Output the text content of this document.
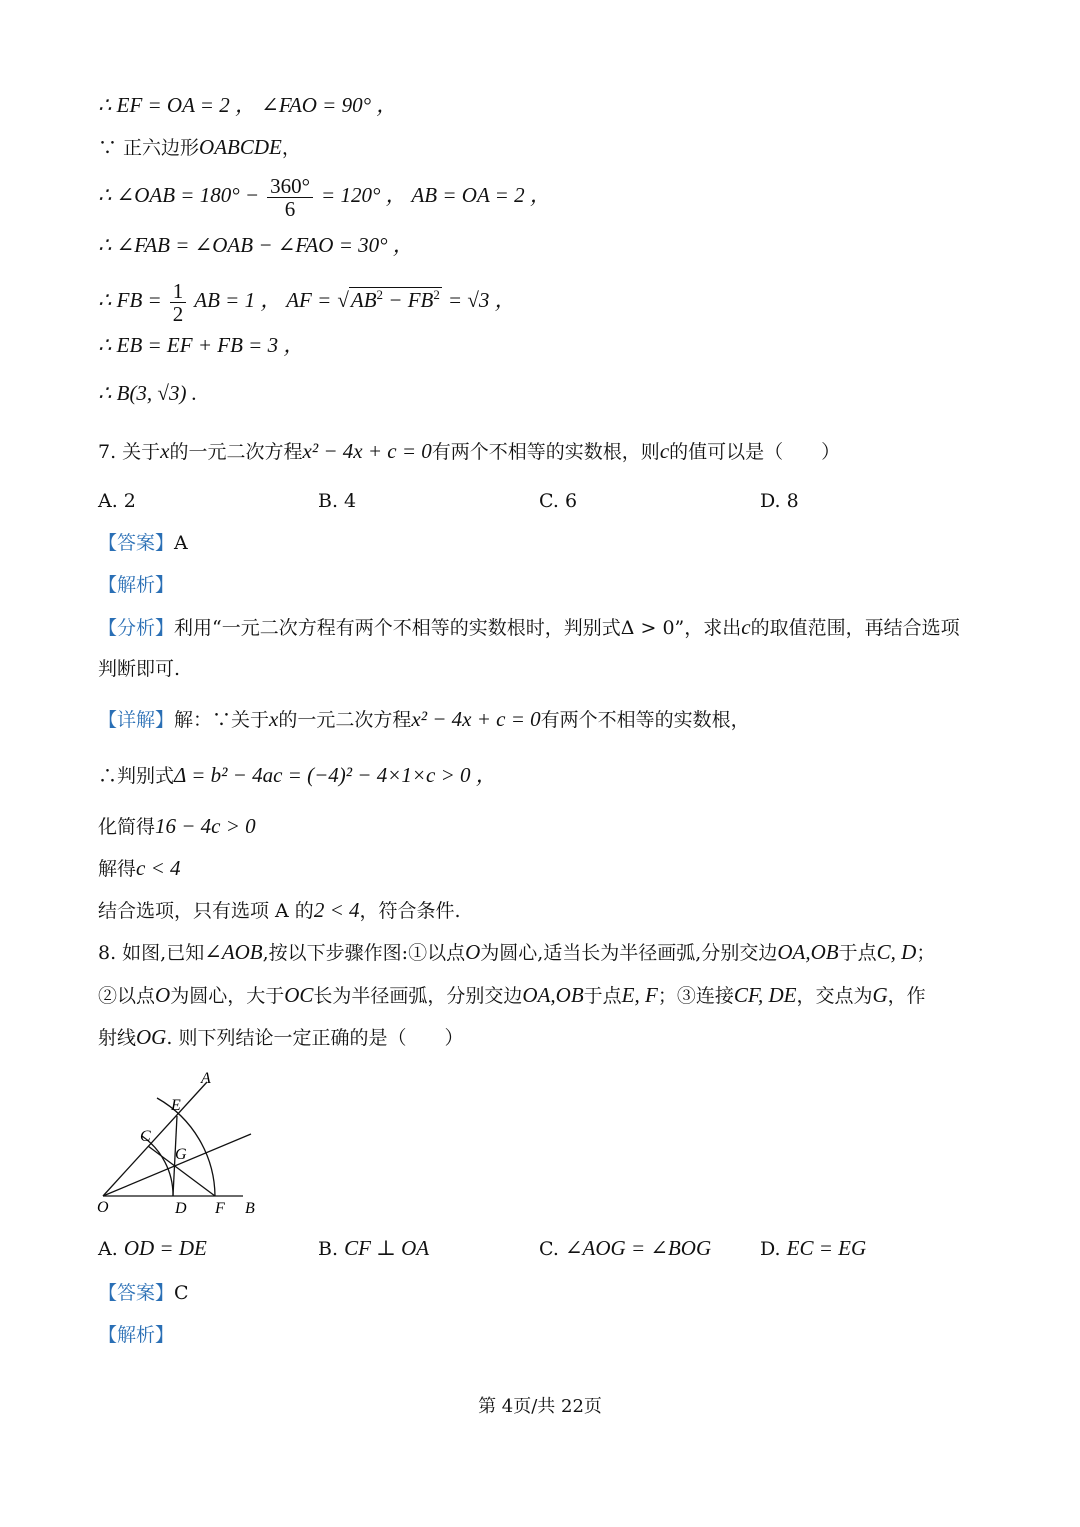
∴ EF = OA = 2 ， ∠FAO = 90° ，
∵ 正六边形OABCDE，
∴ ∠OAB = $180^\circ - \frac{360^\circ}{6} = 120^\circ$ ， AB = OA = 2 ，
∴ ∠FAB = ∠OAB − ∠FAO = 30° ，
∴ FB = $\frac{1}{2}$ AB = 1 ， AF = $√AB^2 - FB^2 = √3$ ，
∴ EB = EF + FB = 3 ，
∴ B(3, √3) .
7. 关于x的一元二次方程x² − 4x + c = 0有两个不相等的实数根，则c的值可以是（　　）
A. 2	B. 4	C. 6	D. 8
【答案】A
【解析】
【分析】利用“一元二次方程有两个不相等的实数根时，判别式Δ > 0”，求出c的取值范围，再结合选项
判断即可.
【详解】解：∵关于x的一元二次方程x² − 4x + c = 0有两个不相等的实数根，
∴判别式Δ = b² − 4ac = (−4)² − 4×1×c > 0 ，
化简得16 − 4c > 0
解得c < 4
结合选项，只有选项 A 的2 < 4，符合条件.
8. 如图,已知∠AOB,按以下步骤作图:①以点O为圆心,适当长为半径画弧,分别交边OA,OB于点C, D；
②以点O为圆心，大于OC长为半径画弧，分别交边OA,OB于点E, F；③连接CF, DE，交点为G，作
射线OG. 则下列结论一定正确的是（　　）
A
E
C
G
O	D F B
A. OD = DE	B. CF ⊥ OA	C. ∠AOG = ∠BOG	D. EC = EG
【答案】C
【解析】
第 4页/共 22页
